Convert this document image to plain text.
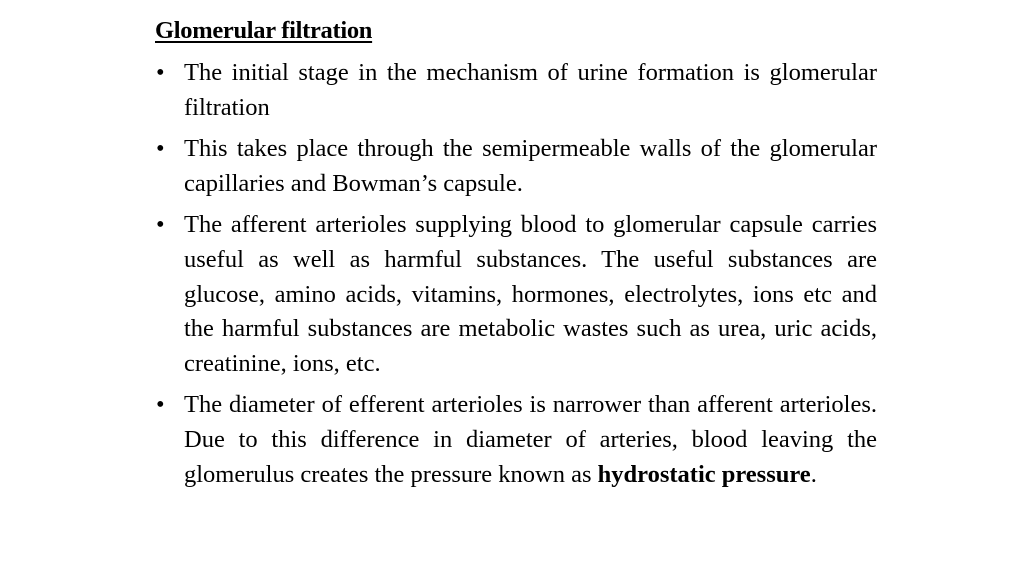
Glomerular filtration
• The initial stage in the mechanism of urine formation is glomerular filtration
• This takes place through the semipermeable walls of the glomerular capillaries and Bowman’s capsule.
• The afferent arterioles supplying blood to glomerular capsule carries useful as well as harmful substances. The useful substances are glucose, amino acids, vitamins, hormones, electrolytes, ions etc and the harmful substances are metabolic wastes such as urea, uric acids, creatinine, ions, etc.
• The diameter of efferent arterioles is narrower than afferent arterioles. Due to this difference in diameter of arteries, blood leaving the glomerulus creates the pressure known as hydrostatic pressure.
